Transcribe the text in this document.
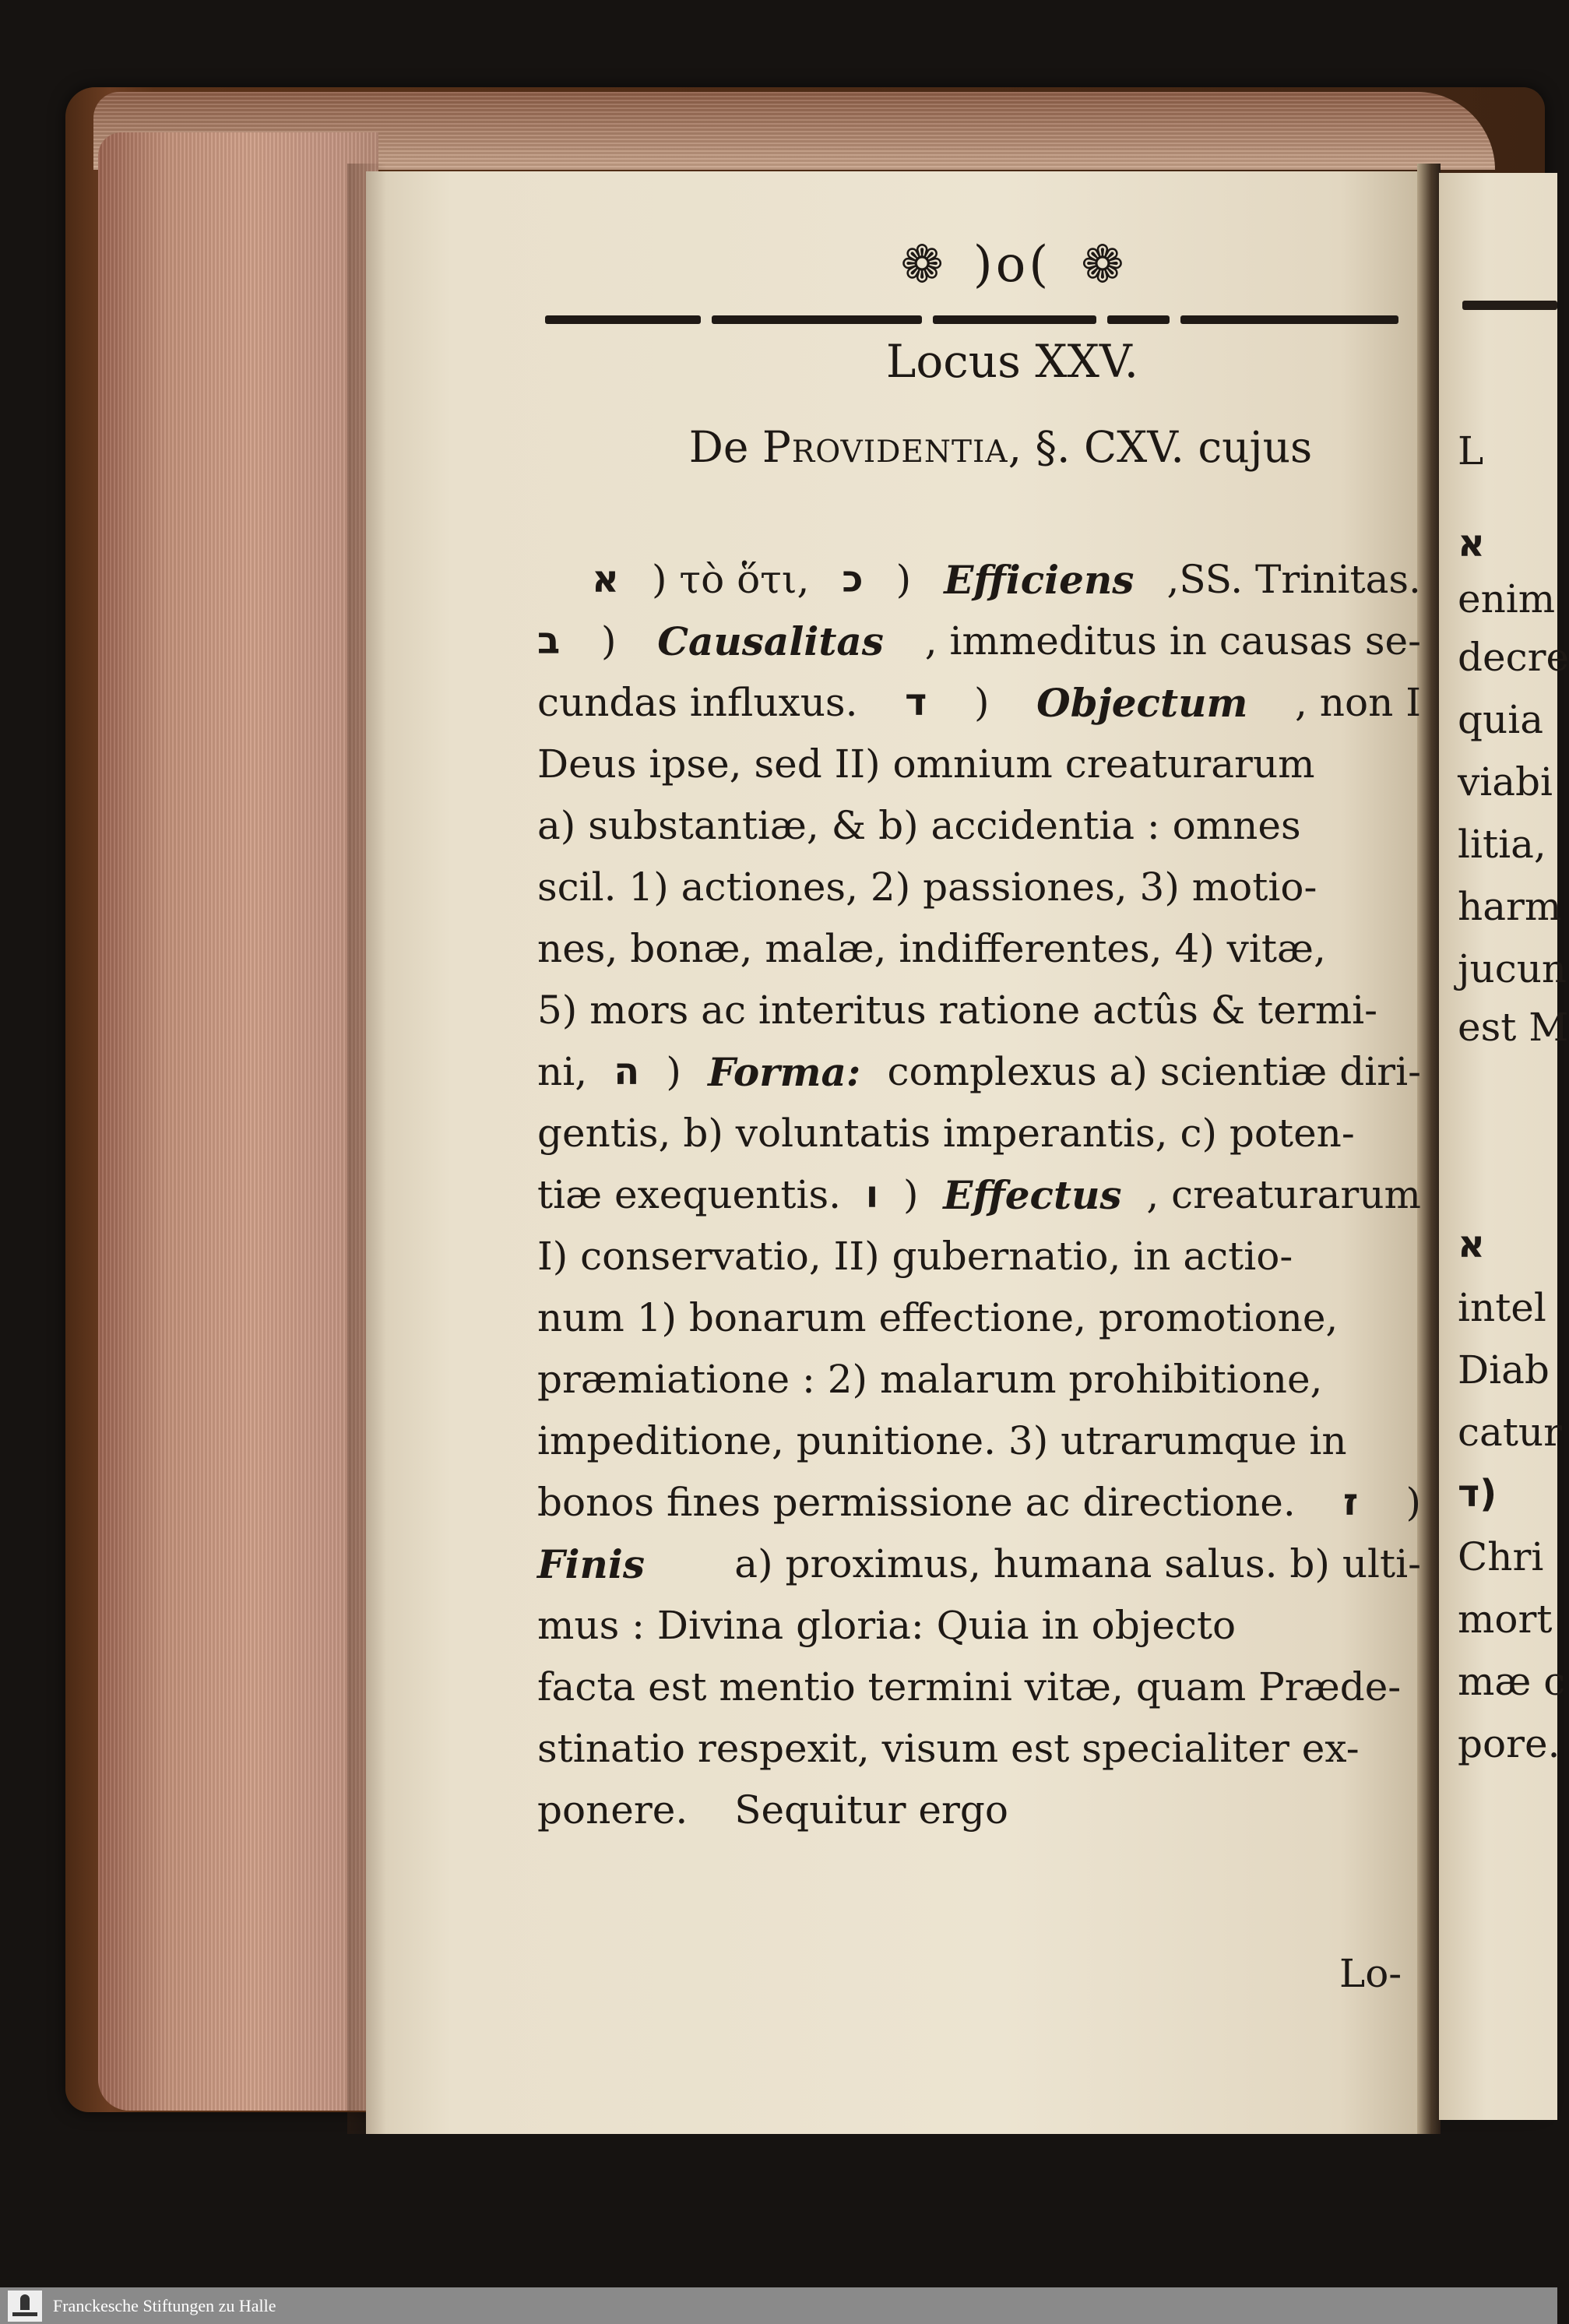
❁ )o( ❁
Locus XXV.
De Providentia, §. CXV. cujus
א ) τὸ ὅτι, כ ) Efficiens ,SS. Trinitas.
ב ) Causalitas , immeditus in causas se-
cundas influxus. ד ) Objectum , non I
Deus ipse, sed II) omnium creaturarum
a) substantiæ, & b) accidentia : omnes
scil. 1) actiones, 2) passiones, 3) motio-
nes, bonæ, malæ, indifferentes, 4) vitæ,
5) mors ac interitus ratione actûs & termi-
ni, ה ) Forma: complexus a) scientiæ diri-
gentis, b) voluntatis imperantis, c) poten-
tiæ exequentis. ו ) Effectus , creaturarum
I) conservatio, II) gubernatio, in actio-
num 1) bonarum effectione, promotione,
præmiatione : 2) malarum prohibitione,
impeditione, punitione. 3) utrarumque in
bonos fines permissione ac directione. ז )
Finis a) proximus, humana salus. b) ulti-
mus : Divina gloria: Quia in objecto
facta est mentio termini vitæ, quam Præde-
stinatio respexit, visum est specialiter ex-
ponere. Sequitur ergo
Lo-
L
א
enim
decre
quia
viabi
litia,
harm
jucun
est M
א
intel
Diab
catur
ד)
Chri
mort
mæ c
pore.
Franckesche Stiftungen zu Halle
